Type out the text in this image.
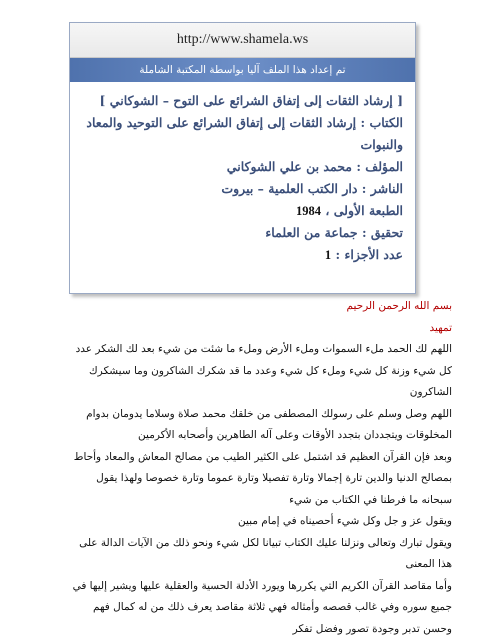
http://www.shamela.ws
تم إعداد هذا الملف آليا بواسطة المكتبة الشاملة
[ إرشاد الثقات إلى إتفاق الشرائع على التوح – الشوكاني ]
الكتاب : إرشاد الثقات إلى إتفاق الشرائع على التوحيد والمعاد
والنبوات
المؤلف : محمد بن علي الشوكاني
الناشر : دار الكتب العلمية – بيروت
الطبعة الأولى ، 1984
تحقيق : جماعة من العلماء
عدد الأجزاء : 1

بسم الله الرحمن الرحيم

تمهيد

اللهم لك الحمد ملء السموات وملء الأرض وملء ما شئت من شيء بعد لك الشكر عدد

كل شيء وزنة كل شيء وملء كل شيء وعدد ما قد شكرك الشاكرون وما سيشكرك

الشاكرون

اللهم وصل وسلم على رسولك المصطفى من خلقك محمد صلاة وسلاما يدومان بدوام

المخلوقات ويتجددان بتجدد الأوقات وعلى آله الطاهرين وأصحابه الأكرمين

وبعد فإن القرآن العظيم قد اشتمل على الكثير الطيب من مصالح المعاش والمعاد وأحاط

بمصالح الدنيا والدين تارة إجمالا وتارة تفصيلا وتارة عموما وتارة خصوصا ولهذا يقول

سبحانه ما فرطنا في الكتاب من شيء

ويقول عز و جل وكل شيء أحصيناه في إمام مبين

ويقول تبارك وتعالى ونزلنا عليك الكتاب تبيانا لكل شيء ونحو ذلك من الآيات الدالة على

هذا المعنى

وأما مقاصد القرآن الكريم التي يكررها ويورد الأدلة الحسية والعقلية عليها ويشير إليها في

جميع سوره وفي غالب قصصه وأمثاله فهي ثلاثة مقاصد يعرف ذلك من له كمال فهم

وحسن تدبر وجودة تصور وفضل تفكر
